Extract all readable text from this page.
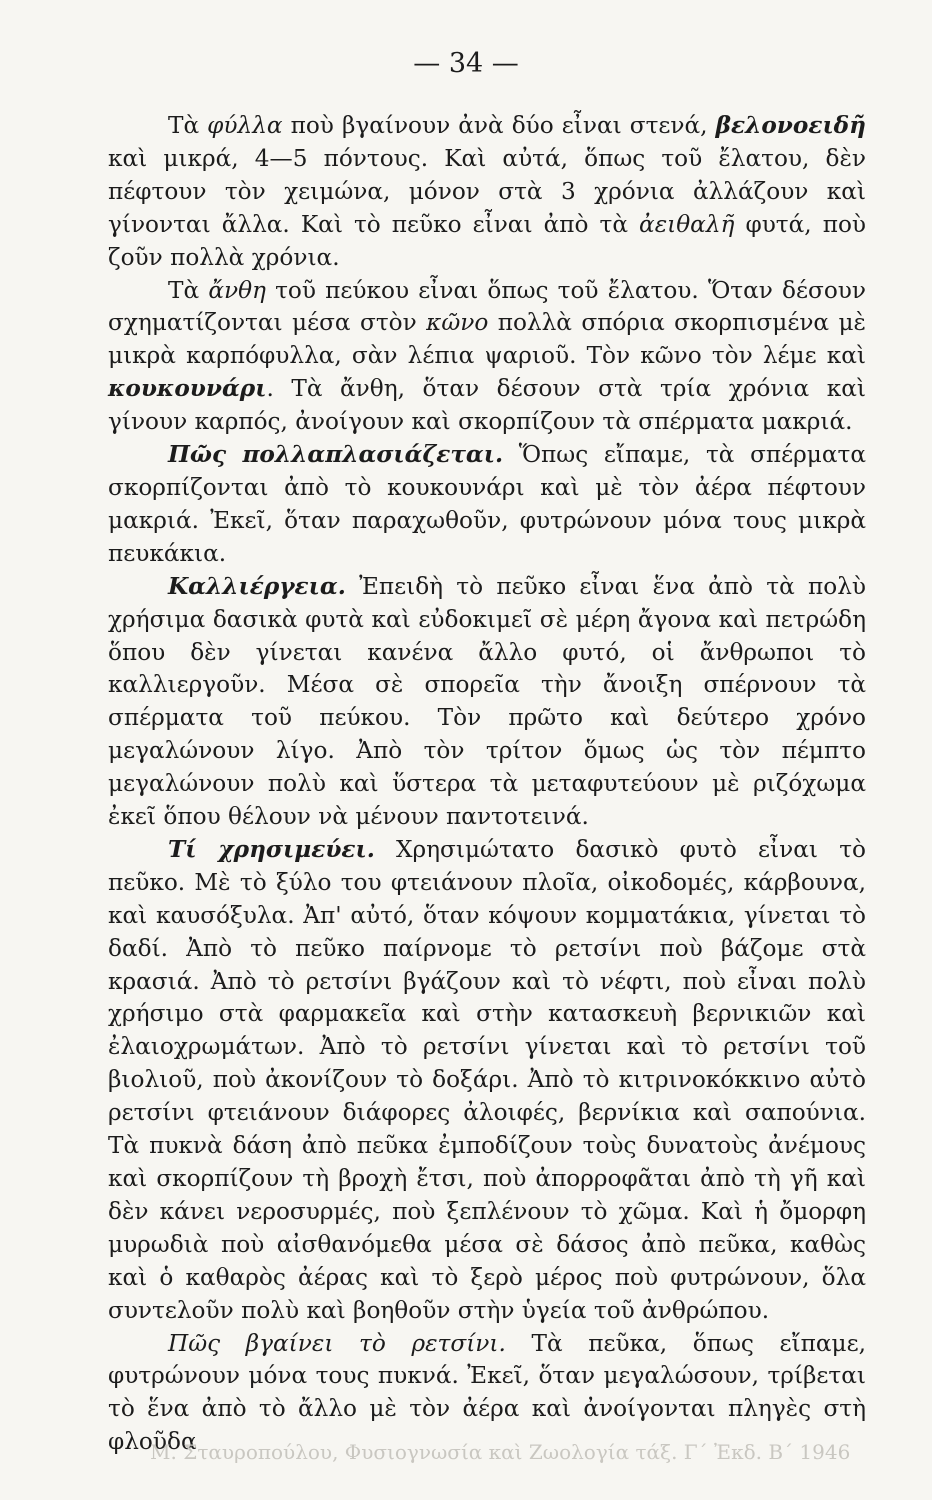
— 34 —

Τὰ φύλλα ποὺ βγαίνουν ἀνὰ δύο εἶναι στενά, βελονοειδῆ καὶ μικρά, 4—5 πόντους. Καὶ αὐτά, ὅπως τοῦ ἔλατου, δὲν πέφτουν τὸν χειμώνα, μόνον στὰ 3 χρόνια ἀλλάζουν καὶ γίνονται ἄλλα. Καὶ τὸ πεῦκο εἶναι ἀπὸ τὰ ἀειθαλῆ φυτά, ποὺ ζοῦν πολλὰ χρόνια.

Τὰ ἄνθη τοῦ πεύκου εἶναι ὅπως τοῦ ἔλατου. Ὅταν δέσουν σχηματίζονται μέσα στὸν κῶνο πολλὰ σπόρια σκορπισμένα μὲ μικρὰ καρπόφυλλα, σὰν λέπια ψαριοῦ. Τὸν κῶνο τὸν λέμε καὶ κουκουνάρι. Τὰ ἄνθη, ὅταν δέσουν στὰ τρία χρόνια καὶ γίνουν καρπός, ἀνοίγουν καὶ σκορπίζουν τὰ σπέρματα μακριά.

Πῶς πολλαπλασιάζεται. Ὅπως εἴπαμε, τὰ σπέρματα σκορπίζονται ἀπὸ τὸ κουκουνάρι καὶ μὲ τὸν ἀέρα πέφτουν μακριά. Ἐκεῖ, ὅταν παραχωθοῦν, φυτρώνουν μόνα τους μικρὰ πευκάκια.

Καλλιέργεια. Ἐπειδὴ τὸ πεῦκο εἶναι ἕνα ἀπὸ τὰ πολὺ χρήσιμα δασικὰ φυτὰ καὶ εὐδοκιμεῖ σὲ μέρη ἄγονα καὶ πετρώδη ὅπου δὲν γίνεται κανένα ἄλλο φυτό, οἱ ἄνθρωποι τὸ καλλιεργοῦν. Μέσα σὲ σπορεῖα τὴν ἄνοιξη σπέρνουν τὰ σπέρματα τοῦ πεύκου. Τὸν πρῶτο καὶ δεύτερο χρόνο μεγαλώνουν λίγο. Ἀπὸ τὸν τρίτον ὅμως ὡς τὸν πέμπτο μεγαλώνουν πολὺ καὶ ὕστερα τὰ μεταφυτεύουν μὲ ριζόχωμα ἐκεῖ ὅπου θέλουν νὰ μένουν παντοτεινά.

Τί χρησιμεύει. Χρησιμώτατο δασικὸ φυτὸ εἶναι τὸ πεῦκο. Μὲ τὸ ξύλο του φτειάνουν πλοῖα, οἰκοδομές, κάρβουνα, καὶ καυσόξυλα. Ἀπ' αὐτό, ὅταν κόψουν κομματάκια, γίνεται τὸ δαδί. Ἀπὸ τὸ πεῦκο παίρνομε τὸ ρετσίνι ποὺ βάζομε στὰ κρασιά. Ἀπὸ τὸ ρετσίνι βγάζουν καὶ τὸ νέφτι, ποὺ εἶναι πολὺ χρήσιμο στὰ φαρμακεῖα καὶ στὴν κατασκευὴ βερνικιῶν καὶ ἐλαιοχρωμάτων. Ἀπὸ τὸ ρετσίνι γίνεται καὶ τὸ ρετσίνι τοῦ βιολιοῦ, ποὺ ἀκονίζουν τὸ δοξάρι. Ἀπὸ τὸ κιτρινοκόκκινο αὐτὸ ρετσίνι φτειάνουν διάφορες ἀλοιφές, βερνίκια καὶ σαπούνια. Τὰ πυκνὰ δάση ἀπὸ πεῦκα ἐμποδίζουν τοὺς δυνατοὺς ἀνέμους καὶ σκορπίζουν τὴ βροχὴ ἔτσι, ποὺ ἀπορροφᾶται ἀπὸ τὴ γῆ καὶ δὲν κάνει νεροσυρμές, ποὺ ξεπλένουν τὸ χῶμα. Καὶ ἡ ὄμορφη μυρωδιὰ ποὺ αἰσθανόμεθα μέσα σὲ δάσος ἀπὸ πεῦκα, καθὼς καὶ ὁ καθαρὸς ἀέρας καὶ τὸ ξερὸ μέρος ποὺ φυτρώνουν, ὅλα συντελοῦν πολὺ καὶ βοηθοῦν στὴν ὑγεία τοῦ ἀνθρώπου.

Πῶς βγαίνει τὸ ρετσίνι. Τὰ πεῦκα, ὅπως εἴπαμε, φυτρώνουν μόνα τους πυκνά. Ἐκεῖ, ὅταν μεγαλώσουν, τρίβεται τὸ ἕνα ἀπὸ τὸ ἄλλο μὲ τὸν ἀέρα καὶ ἀνοίγονται πληγὲς στὴ φλοῦδα

Μ. Σταυροπούλου, Φυσιογνωσία καὶ Ζωολογία τάξ. Γ΄ Ἐκδ. Β΄ 1946
